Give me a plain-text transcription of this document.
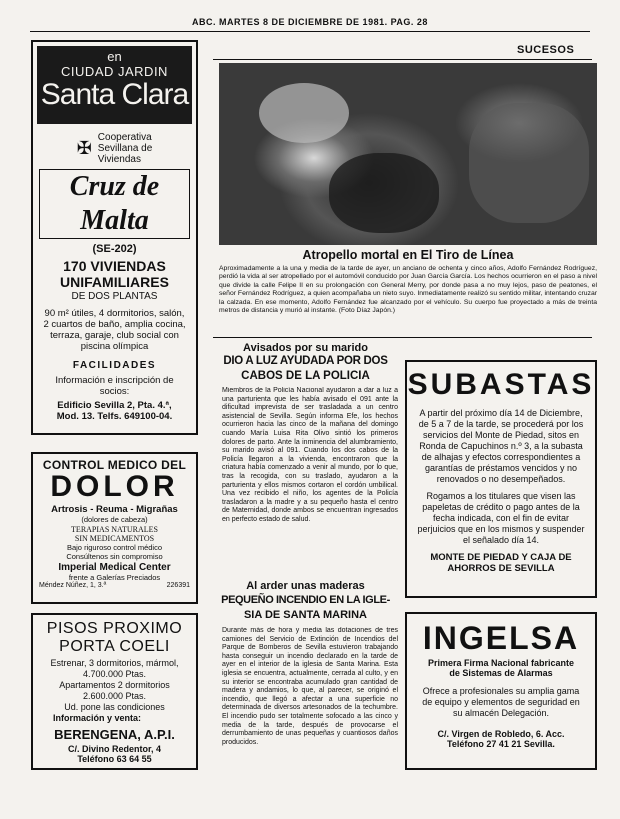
ABC. MARTES 8 DE DICIEMBRE DE 1981. PAG. 28
en
CIUDAD JARDIN
Santa Clara
✠
Cooperativa
Sevillana de
Viviendas
Cruz de Malta
(SE-202)
170 VIVIENDAS
UNIFAMILIARES
DE DOS PLANTAS
90 m² útiles, 4 dormitorios, salón, 2 cuartos de baño, amplia cocina, terraza, garaje, club social con piscina olímpica
FACILIDADES
Información e inscripción de socios:
Edificio Sevilla 2, Pta. 4.ª,
Mod. 13. Telfs. 649100-04.
CONTROL MEDICO DEL
DOLOR
Artrosis - Reuma - Migrañas
(dolores de cabeza)
TERAPIAS NATURALES
SIN MEDICAMENTOS
Bajo riguroso control médico
Consúltenos sin compromiso
Imperial Medical Center
frente a Galerías Preciados
Méndez Núñez, 1, 3.ª	226391
PISOS PROXIMO
PORTA COELI
Estrenar, 3 dormitorios, mármol,
4.700.000 Ptas.
Apartamentos 2 dormitorios
2.600.000 Ptas.
Ud. pone las condiciones
Información y venta:
BERENGENA, A.P.I.
C/. Divino Redentor, 4
Teléfono 63 64 55
SUCESOS
Atropello mortal en El Tiro de Línea
Aproximadamente a la una y media de la tarde de ayer, un anciano de ochenta y cinco años, Adolfo Fernández Rodríguez, perdió la vida al ser atropellado por el automóvil conducido por Juan García García. Los hechos ocurrieron en el paso a nivel que divide la calle Felipe II en su prolongación con General Merry, por donde pasa a no muy lejos, paso de peatones, el señor Fernández Rodríguez, a quien acompañaba un nieto suyo. Inmediatamente realizó su sentido militar, intentando cruzar la calzada. En ese momento, Adolfo Fernández fue alcanzado por el vehículo. Su cuerpo fue proyectado a más de treinta metros de distancia y murió al instante. (Foto Díaz Japón.)
Avisados por su marido
DIO A LUZ AYUDADA POR DOS
CABOS DE LA POLICIA
Miembros de la Policía Nacional ayudaron a dar a luz a una parturienta que les había avisado el 091 ante la dificultad imprevista de ser trasladada a un centro asistencial de Sevilla. Según informa Efe, los hechos ocurrieron hacia las cinco de la mañana del domingo cuando María Luisa Rita Olivo sintió los primeros dolores de parto. Ante la inminencia del alumbramiento, su marido avisó al 091. Cuando los dos cabos de la Policía llegaron a la vivienda, encontraron que la criatura había comenzado a venir al mundo, por lo que, tras la recogida, con su traslado, ayudaron a la parturienta y ellos mismos cortaron el cordón umbilical. Una vez recibido el niño, los agentes de la Policía trasladaron a la madre y a su pequeño hasta el centro de Maternidad, donde ambos se encuentran ingresados en perfecto estado de salud.
Al arder unas maderas
PEQUEÑO INCENDIO EN LA IGLE-
SIA DE SANTA MARINA
Durante más de hora y media las dotaciones de tres camiones del Servicio de Extinción de Incendios del Parque de Bomberos de Sevilla estuvieron trabajando hasta conseguir un incendio declarado en la tarde de ayer en el interior de la iglesia de Santa Marina. Esta iglesia se encuentra, actualmente, cerrada al culto, y en su interior se encontraba acumulado gran cantidad de madera y andamios, lo que, al parecer, se originó el incendio, que llegó a afectar a una superficie no determinada de diversos artesonados de la techumbre. El incendio pudo ser totalmente sofocado a las cinco y media de la tarde, después de provocarse el derrumbamiento de unas pequeñas y cuantiosos daños producidos.
SUBASTAS
A partir del próximo día 14 de Diciembre, de 5 a 7 de la tarde, se procederá por los servicios del Monte de Piedad, sitos en Ronda de Capuchinos n.º 3, a la subasta de alhajas y efectos correspondientes a garantías de préstamos vencidos y no renovados o no desempeñados.
Rogamos a los titulares que visen las papeletas de crédito o pago antes de la fecha indicada, con el fin de evitar perjuicios que en los mismos y suspender el señalado día 14.
MONTE DE PIEDAD Y CAJA DE AHORROS DE SEVILLA
INGELSA
Primera Firma Nacional fabricante
de Sistemas de Alarmas
Ofrece a profesionales su amplia gama de equipo y elementos de seguridad en su almacén Delegación.
C/. Virgen de Robledo, 6. Acc.
Teléfono 27 41 21 Sevilla.
